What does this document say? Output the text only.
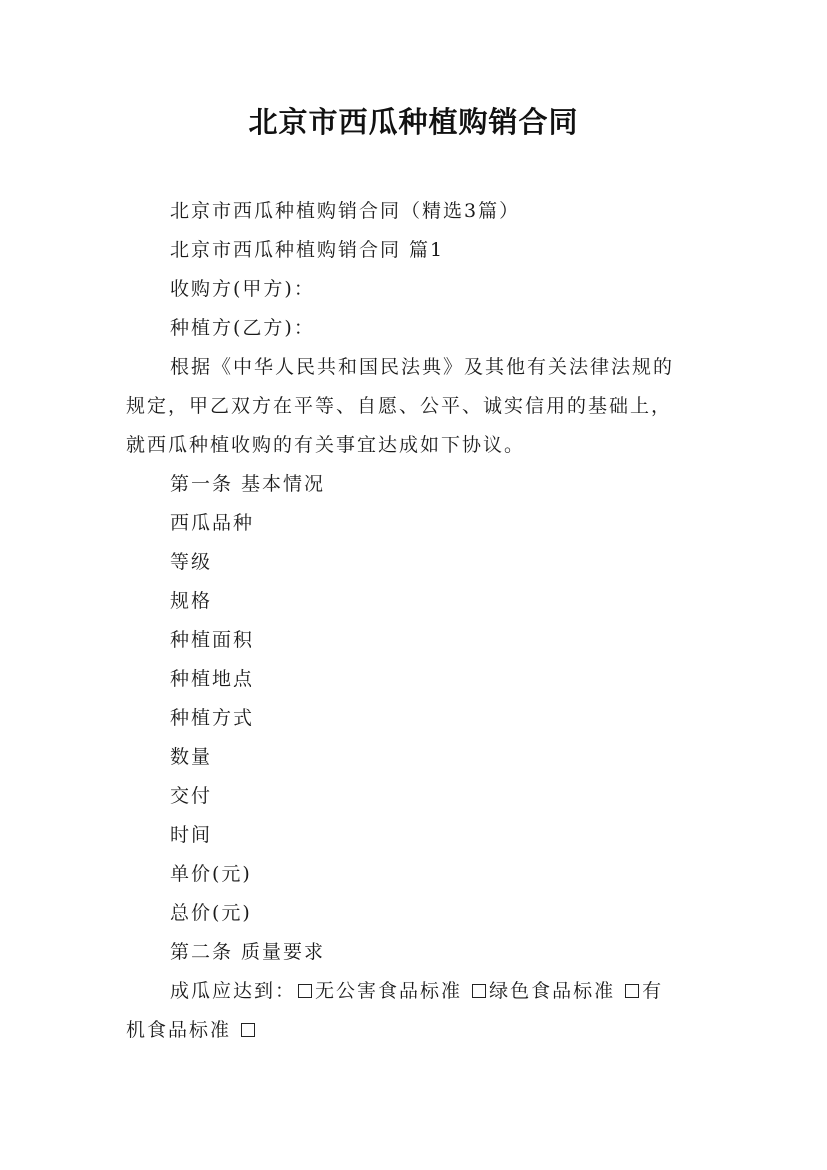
北京市西瓜种植购销合同
北京市西瓜种植购销合同（精选3篇）
北京市西瓜种植购销合同 篇1
收购方(甲方)：
种植方(乙方)：
根据《中华人民共和国民法典》及其他有关法律法规的
规定，甲乙双方在平等、自愿、公平、诚实信用的基础上，
就西瓜种植收购的有关事宜达成如下协议。
第一条 基本情况
西瓜品种
等级
规格
种植面积
种植地点
种植方式
数量
交付
时间
单价(元)
总价(元)
第二条 质量要求
成瓜应达到： 无公害食品标准 绿色食品标准 有
机食品标准
